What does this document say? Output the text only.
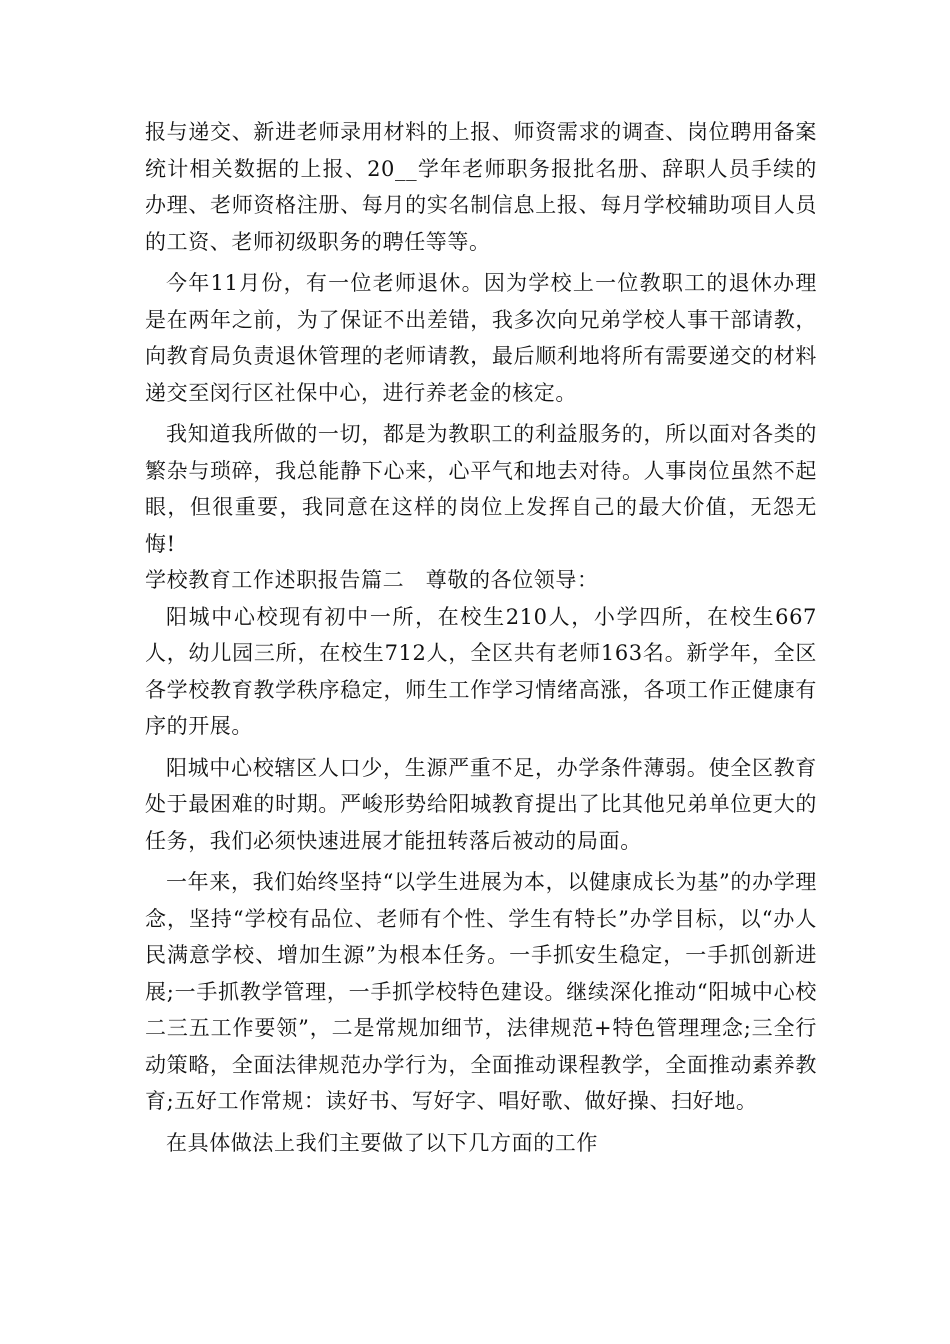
报与递交、新进老师录用材料的上报、师资需求的调查、岗位聘用备案统计相关数据的上报、20__学年老师职务报批名册、辞职人员手续的办理、老师资格注册、每月的实名制信息上报、每月学校辅助项目人员的工资、老师初级职务的聘任等等。

今年11月份，有一位老师退休。因为学校上一位教职工的退休办理是在两年之前，为了保证不出差错，我多次向兄弟学校人事干部请教，向教育局负责退休管理的老师请教，最后顺利地将所有需要递交的材料递交至闵行区社保中心，进行养老金的核定。

我知道我所做的一切，都是为教职工的利益服务的，所以面对各类的繁杂与琐碎，我总能静下心来，心平气和地去对待。人事岗位虽然不起眼，但很重要，我同意在这样的岗位上发挥自己的最大价值，无怨无悔!

学校教育工作述职报告篇二　尊敬的各位领导：

阳城中心校现有初中一所，在校生210人，小学四所，在校生667人，幼儿园三所，在校生712人，全区共有老师163名。新学年，全区各学校教育教学秩序稳定，师生工作学习情绪高涨，各项工作正健康有序的开展。

阳城中心校辖区人口少，生源严重不足，办学条件薄弱。使全区教育处于最困难的时期。严峻形势给阳城教育提出了比其他兄弟单位更大的任务，我们必须快速进展才能扭转落后被动的局面。

一年来，我们始终坚持“以学生进展为本，以健康成长为基”的办学理念，坚持“学校有品位、老师有个性、学生有特长”办学目标，以“办人民满意学校、增加生源”为根本任务。一手抓安生稳定，一手抓创新进展;一手抓教学管理，一手抓学校特色建设。继续深化推动“阳城中心校二三五工作要领”，二是常规加细节，法律规范+特色管理理念;三全行动策略，全面法律规范办学行为，全面推动课程教学，全面推动素养教育;五好工作常规：读好书、写好字、唱好歌、做好操、扫好地。

在具体做法上我们主要做了以下几方面的工作
